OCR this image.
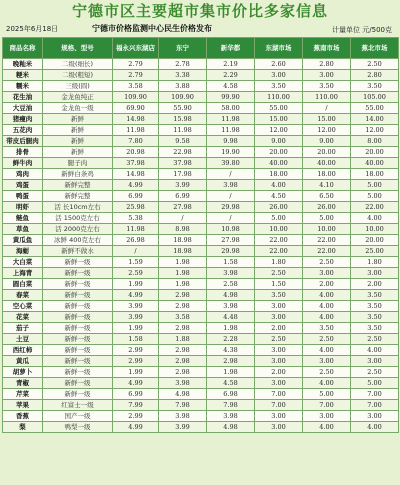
宁德市区主要超市集市价比多家信息
2025年6月18日	宁德市价格监测中心民生价格发布	计量单位 元/500克
商品名称	规格、型号	福永兴东湖店	东宁	新华都	东湖市场	蕉南市场	蕉北市场
晚籼米	二级(细长)	2.79	2.78	2.19	2.60	2.80	2.50
粳米	二级(粗短)	2.79	3.38	2.29	3.00	3.00	2.80
糯米	三级(圆)	3.58	3.88	4.58	3.50	3.50	3.50
花生油	金龙鱼纯正	109.90	109.90	99.90	110.00	110.00	105.00
大豆油	金龙鱼一级	69.90	55.90	58.00	55.00	/	55.00
猪瘦肉	新鲜	14.98	15.98	11.98	15.00	15.00	14.00
五花肉	新鲜	11.98	11.98	11.98	12.00	12.00	12.00
带皮后腿肉	新鲜	7.80	9.58	9.98	9.00	9.00	8.00
排骨	新鲜	20.98	22.98	19.90	20.00	20.00	20.00
鲜牛肉	腿子肉	37.98	37.98	39.80	40.00	40.00	40.00
鸡肉	新鲜白条鸡	14.98	17.98	/	18.00	18.00	18.00
鸡蛋	新鲜完整	4.99	3.99	3.98	4.00	4.10	5.00
鸭蛋	新鲜完整	6.99	6.99	/	4.50	6.50	5.00
明虾	活 长10cm左右	25.98	27.98	29.98	26.00	26.00	22.00
鲢鱼	活 1500克左右	5.38	/	/	5.00	5.00	4.00
草鱼	活 2000克左右	11.98	8.98	10.98	10.00	10.00	10.00
黄瓜鱼	冰鲜 400克左右	26.98	18.98	27.98	22.00	22.00	20.00
海蛎	新鲜不做水	/	18.98	29.98	22.00	22.00	25.00
大白菜	新鲜一级	1.59	1.98	1.58	1.80	2.50	1.80
上海青	新鲜一级	2.59	1.98	3.98	2.50	3.00	3.00
圆白菜	新鲜一级	1.99	1.98	2.58	1.50	2.00	2.00
春菜	新鲜一级	4.99	2.98	4.98	3.50	4.00	3.50
空心菜	新鲜一级	3.99	2.98	3.98	3.00	4.00	3.50
花菜	新鲜一级	3.99	3.58	4.48	3.00	4.00	3.50
茄子	新鲜一级	1.99	2.98	1.98	2.00	3.50	3.50
土豆	新鲜一级	1.58	1.88	2.28	2.50	2.50	2.50
西红柿	新鲜一级	2.99	2.98	4.38	3.00	4.00	4.00
黄瓜	新鲜一级	2.99	2.98	2.98	3.00	3.00	3.00
胡萝卜	新鲜一级	1.99	2.98	1.98	2.00	2.50	2.50
青椒	新鲜一级	4.99	3.98	4.58	3.00	4.00	5.00
芹菜	新鲜一级	6.99	4.98	6.98	7.00	5.00	7.00
苹果	红富士一级	7.99	7.98	7.98	7.00	7.00	7.00
香蕉	国产一级	2.99	3.98	3.98	3.00	3.00	3.00
梨	鸭梨一级	4.99	3.99	4.98	3.00	4.00	4.00
